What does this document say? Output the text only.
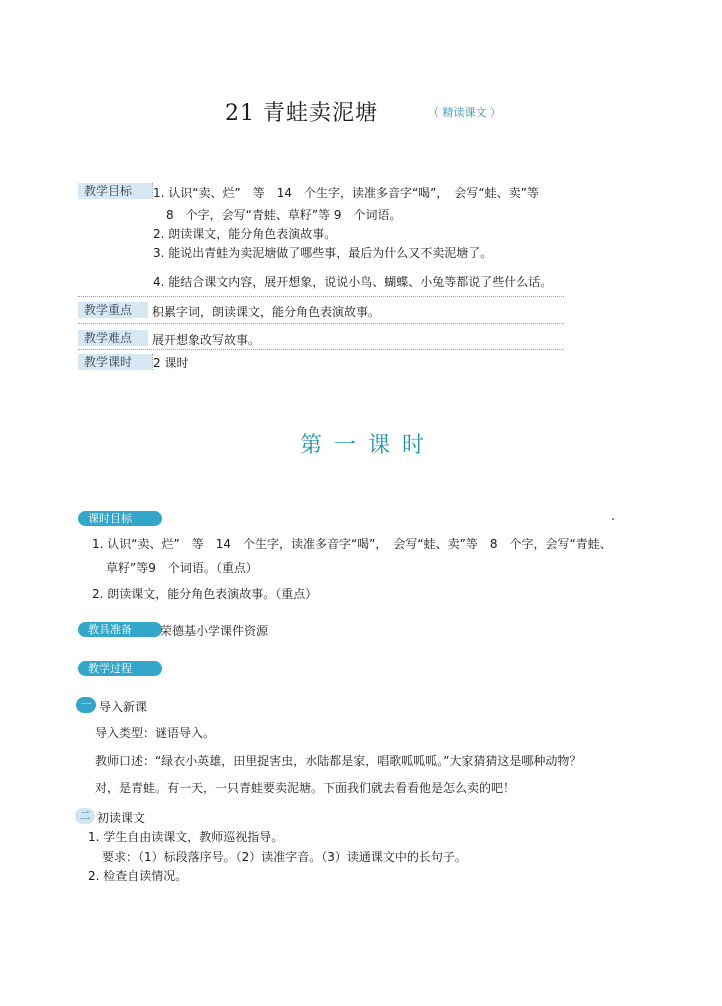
21 青蛙卖泥塘	（ 精读课文 ）
教学目标	1. 认识“卖、烂”　等　14　个生字，读准多音字“喝”，　会写“蛙、卖”等
8　个字，会写“青蛙、草籽”等 9　个词语。
2. 朗读课文，能分角色表演故事。
3. 能说出青蛙为卖泥塘做了哪些事，最后为什么又不卖泥塘了。
4. 能结合课文内容，展开想象，说说小鸟、蝴蝶、小兔等都说了些什么话。
教学重点	积累字词，朗读课文，能分角色表演故事。
教学难点	展开想象改写故事。
教学课时	2 课时
第一课时
课时目标
1. 认识“卖、烂”　等　14　个生字，读准多音字“喝”，　会写“蛙、卖”等　8　个字，会写“青蛙、
草籽”等9　个词语。（重点）
2. 朗读课文，能分角色表演故事。（重点）
教具准备	荣德基小学课件资源
教学过程
一 导入新课
导入类型：谜语导入。
教师口述：“绿衣小英雄，田里捉害虫，水陆都是家，唱歌呱呱呱。”大家猜猜这是哪种动物？
对，是青蛙。有一天，一只青蛙要卖泥塘。下面我们就去看看他是怎么卖的吧！
二 初读课文
1. 学生自由读课文，教师巡视指导。
要求：（1）标段落序号。（2）读准字音。（3）读通课文中的长句子。
2. 检查自读情况。
